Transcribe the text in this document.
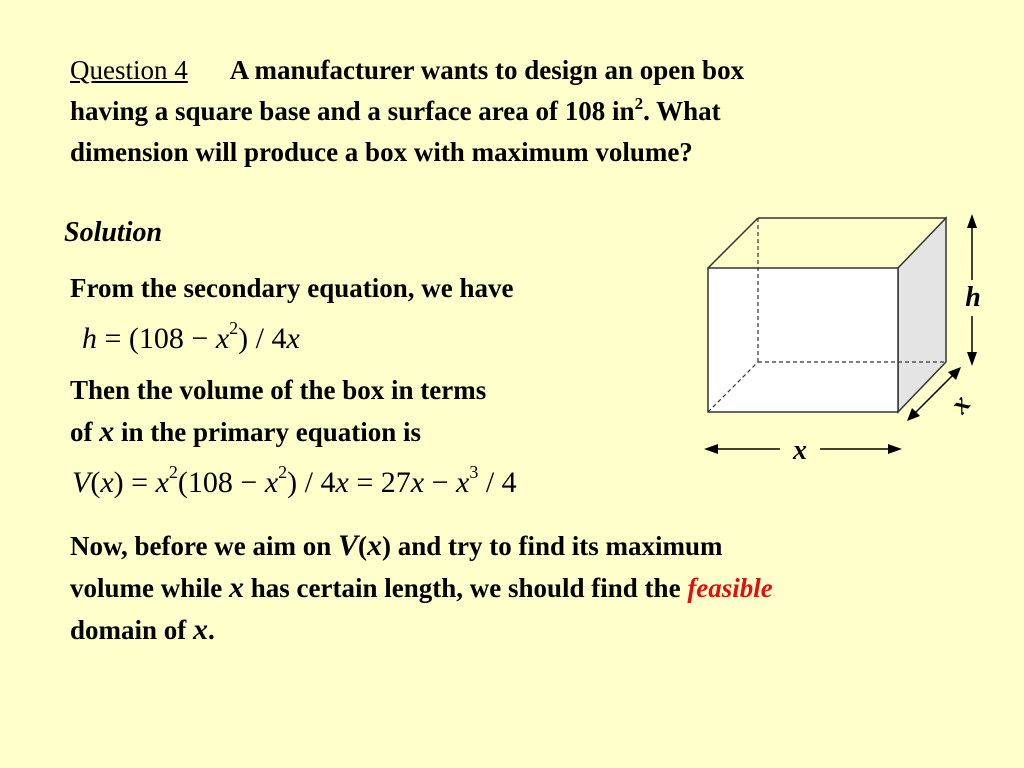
Question 4 A manufacturer wants to design an open box
having a square base and a surface area of 108 $in^2$. What
dimension will produce a box with maximum volume?
Solution
From the secondary equation, we have
$h = (108 - x^2) / 4x$
Then the volume of the box in terms
of x in the primary equation is
$V(x) = x^2(108 - x^2) / 4x = 27x - x^3 / 4$
Now, before we aim on V(x) and try to find its maximum
volume while x has certain length, we should find the feasible
domain of x.
h
x
x
